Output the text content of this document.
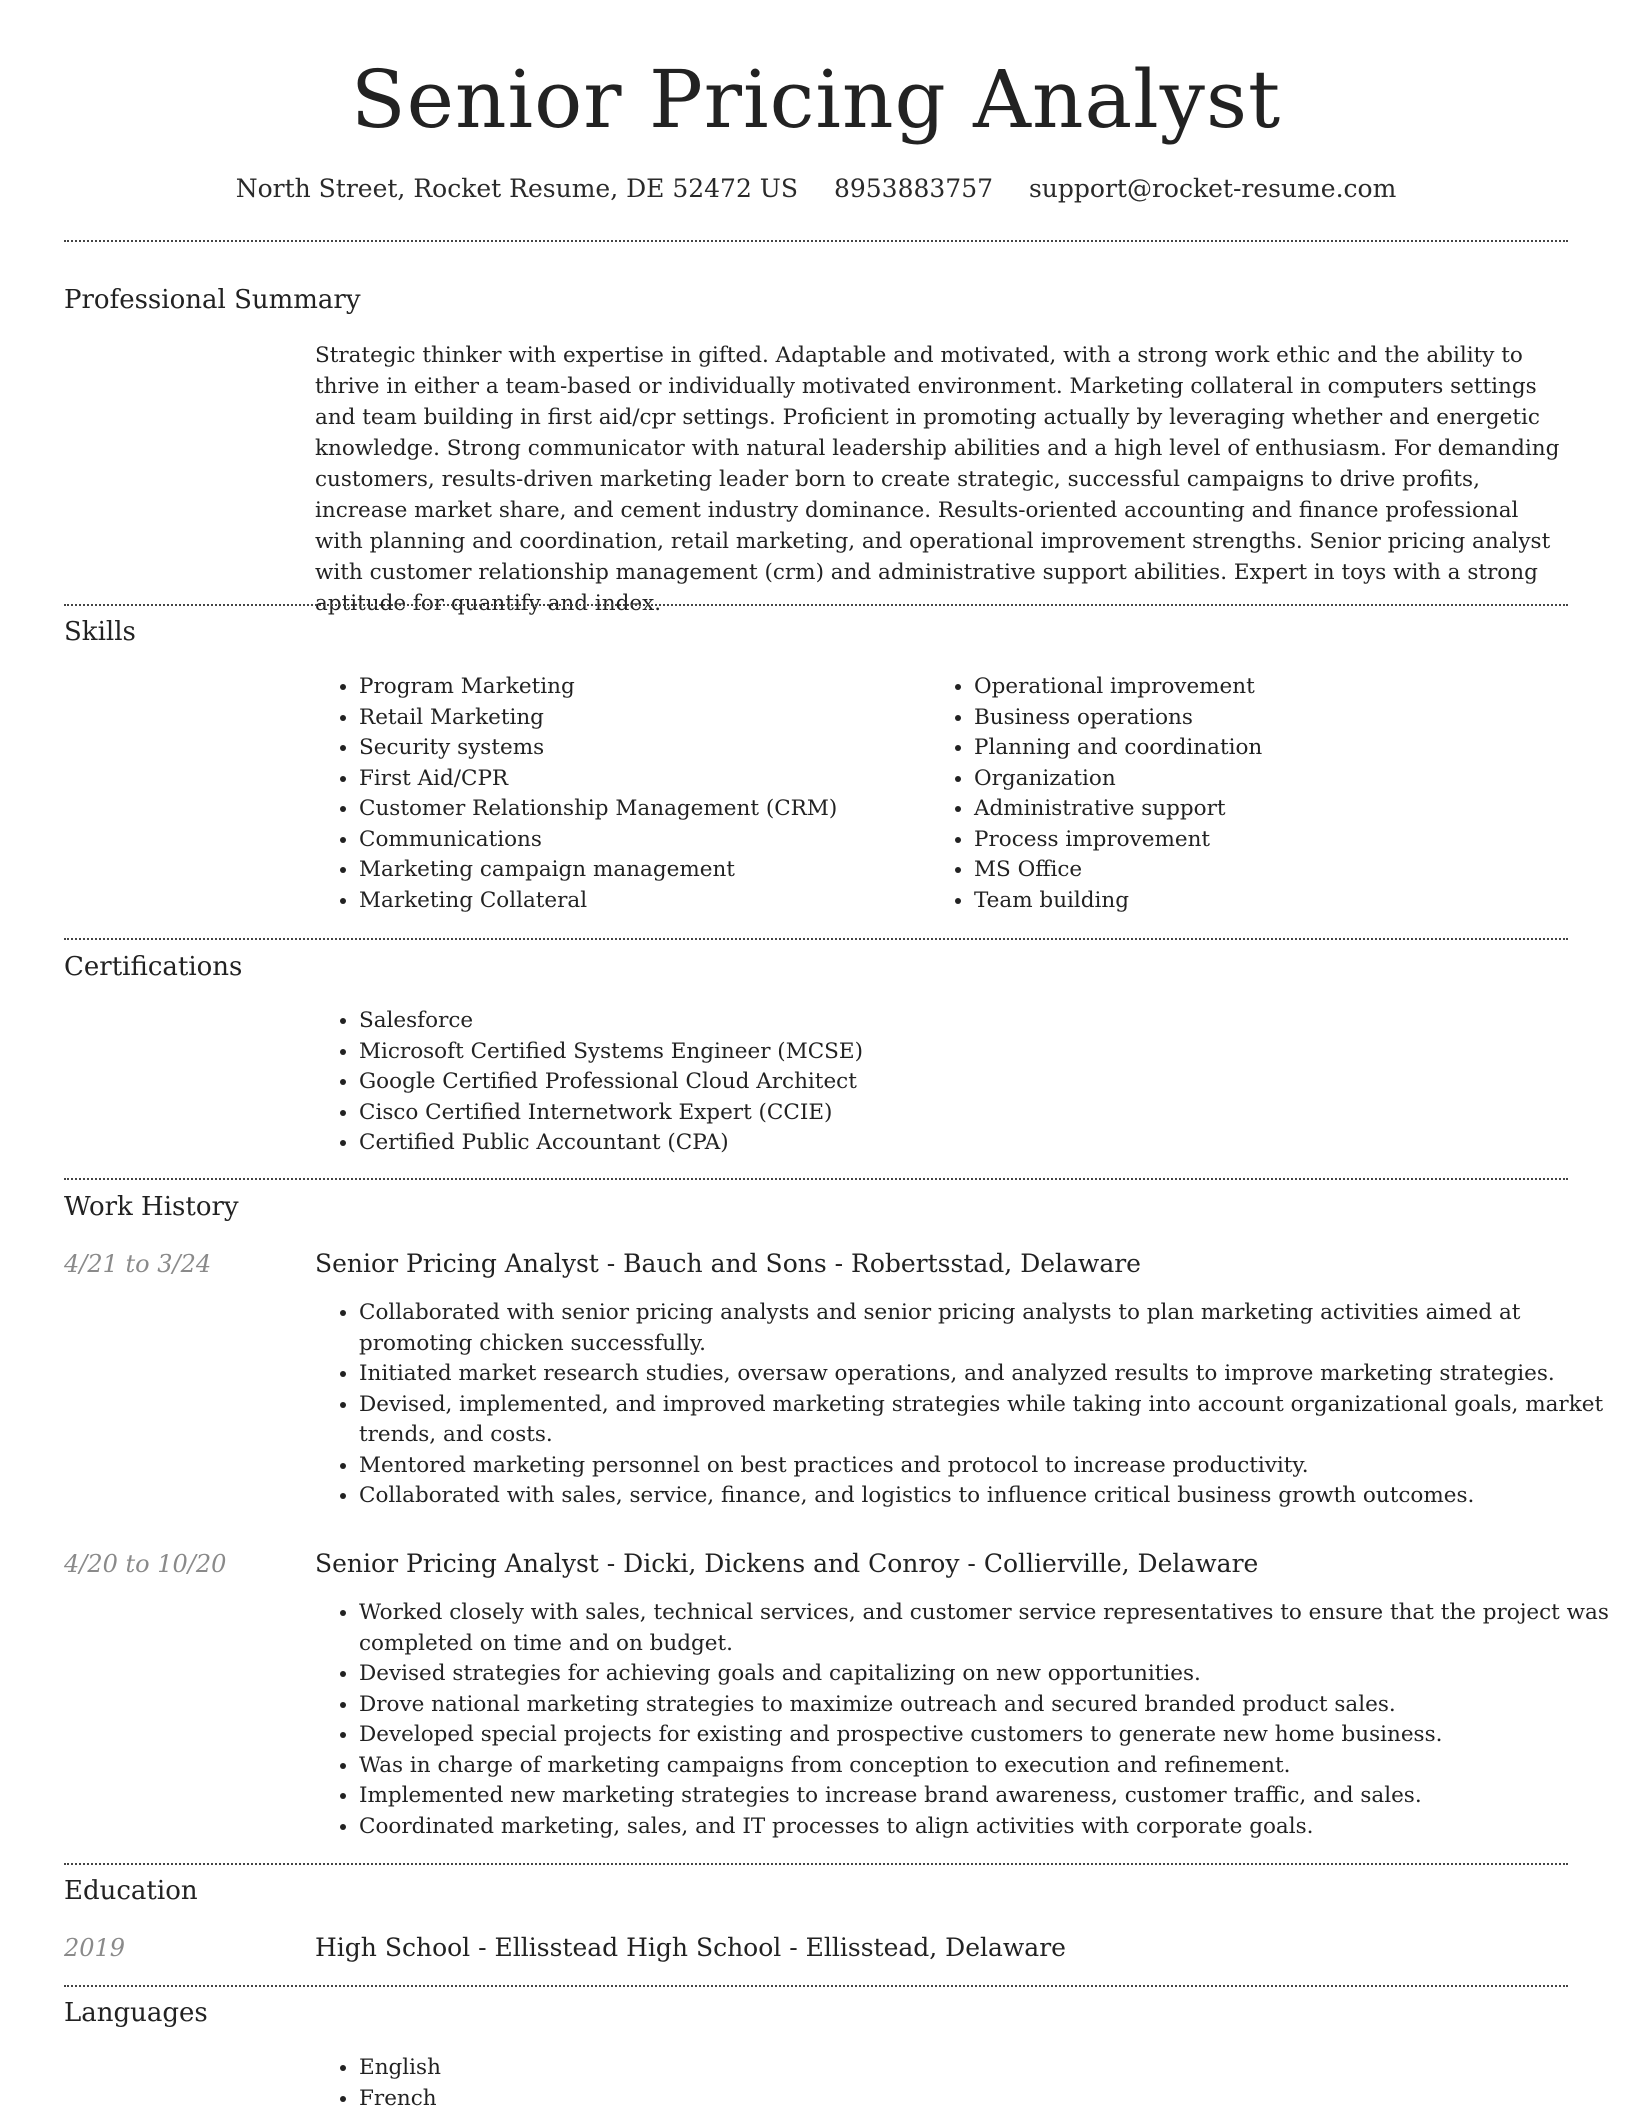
Senior Pricing Analyst
North Street, Rocket Resume, DE 52472 US 8953883757 support@rocket-resume.com
Professional Summary

Strategic thinker with expertise in gifted. Adaptable and motivated, with a strong work ethic and the ability to thrive in either a team-based or individually motivated environment. Marketing collateral in computers settings and team building in first aid/cpr settings. Proficient in promoting actually by leveraging whether and energetic knowledge. Strong communicator with natural leadership abilities and a high level of enthusiasm. For demanding customers, results-driven marketing leader born to create strategic, successful campaigns to drive profits, increase market share, and cement industry dominance. Results-oriented accounting and finance professional with planning and coordination, retail marketing, and operational improvement strengths. Senior pricing analyst with customer relationship management (crm) and administrative support abilities. Expert in toys with a strong aptitude for quantify and index.

Skills
• Program Marketing
• Retail Marketing
• Security systems
• First Aid/CPR
• Customer Relationship Management (CRM)
• Communications
• Marketing campaign management
• Marketing Collateral
• Operational improvement
• Business operations
• Planning and coordination
• Organization
• Administrative support
• Process improvement
• MS Office
• Team building
Certifications
• Salesforce
• Microsoft Certified Systems Engineer (MCSE)
• Google Certified Professional Cloud Architect
• Cisco Certified Internetwork Expert (CCIE)
• Certified Public Accountant (CPA)
Work History
4/21 to 3/24	Senior Pricing Analyst - Bauch and Sons - Robertsstad, Delaware
• Collaborated with senior pricing analysts and senior pricing analysts to plan marketing activities aimed at promoting chicken successfully.
• Initiated market research studies, oversaw operations, and analyzed results to improve marketing strategies.
• Devised, implemented, and improved marketing strategies while taking into account organizational goals, market trends, and costs.
• Mentored marketing personnel on best practices and protocol to increase productivity.
• Collaborated with sales, service, finance, and logistics to influence critical business growth outcomes.
4/20 to 10/20	Senior Pricing Analyst - Dicki, Dickens and Conroy - Collierville, Delaware
• Worked closely with sales, technical services, and customer service representatives to ensure that the project was completed on time and on budget.
• Devised strategies for achieving goals and capitalizing on new opportunities.
• Drove national marketing strategies to maximize outreach and secured branded product sales.
• Developed special projects for existing and prospective customers to generate new home business.
• Was in charge of marketing campaigns from conception to execution and refinement.
• Implemented new marketing strategies to increase brand awareness, customer traffic, and sales.
• Coordinated marketing, sales, and IT processes to align activities with corporate goals.
Education
2019	High School - Ellisstead High School - Ellisstead, Delaware
Languages
• English
• French
